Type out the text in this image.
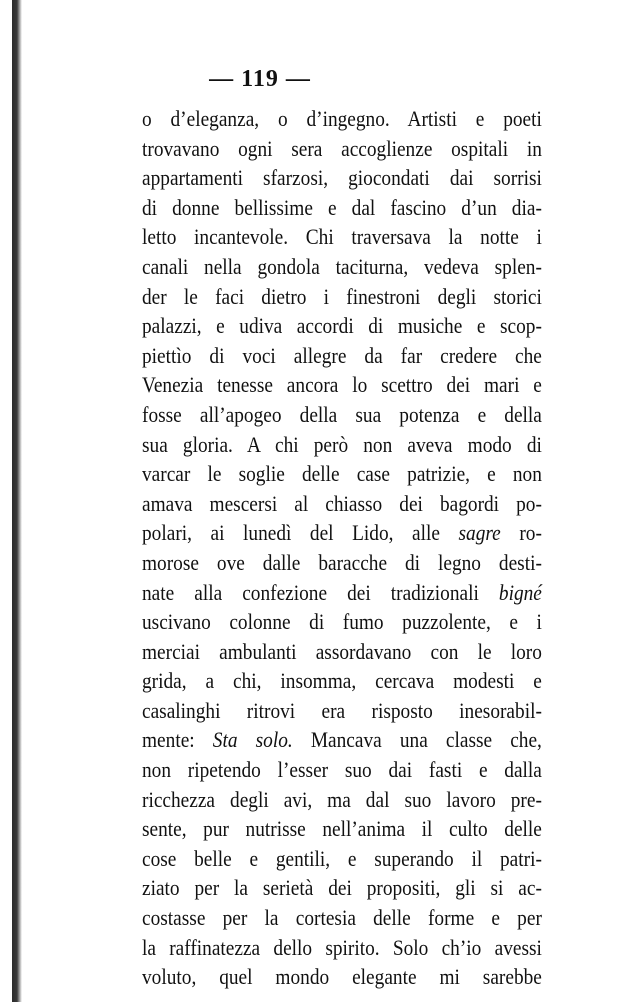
— 119 —
o d’eleganza, o d’ingegno. Artisti e poeti
trovavano ogni sera accoglienze ospitali in
appartamenti sfarzosi, giocondati dai sorrisi
di donne bellissime e dal fascino d’un dia-
letto incantevole. Chi traversava la notte i
canali nella gondola taciturna, vedeva splen-
der le faci dietro i finestroni degli storici
palazzi, e udiva accordi di musiche e scop-
piettìo di voci allegre da far credere che
Venezia tenesse ancora lo scettro dei mari e
fosse all’apogeo della sua potenza e della
sua gloria. A chi però non aveva modo di
varcar le soglie delle case patrizie, e non
amava mescersi al chiasso dei bagordi po-
polari, ai lunedì del Lido, alle sagre ro-
morose ove dalle baracche di legno desti-
nate alla confezione dei tradizionali bigné
uscivano colonne di fumo puzzolente, e i
merciai ambulanti assordavano con le loro
grida, a chi, insomma, cercava modesti e
casalinghi ritrovi era risposto inesorabil-
mente: Sta solo. Mancava una classe che,
non ripetendo l’esser suo dai fasti e dalla
ricchezza degli avi, ma dal suo lavoro pre-
sente, pur nutrisse nell’anima il culto delle
cose belle e gentili, e superando il patri-
ziato per la serietà dei propositi, gli si ac-
costasse per la cortesia delle forme e per
la raffinatezza dello spirito. Solo ch’io avessi
voluto, quel mondo elegante mi sarebbe
